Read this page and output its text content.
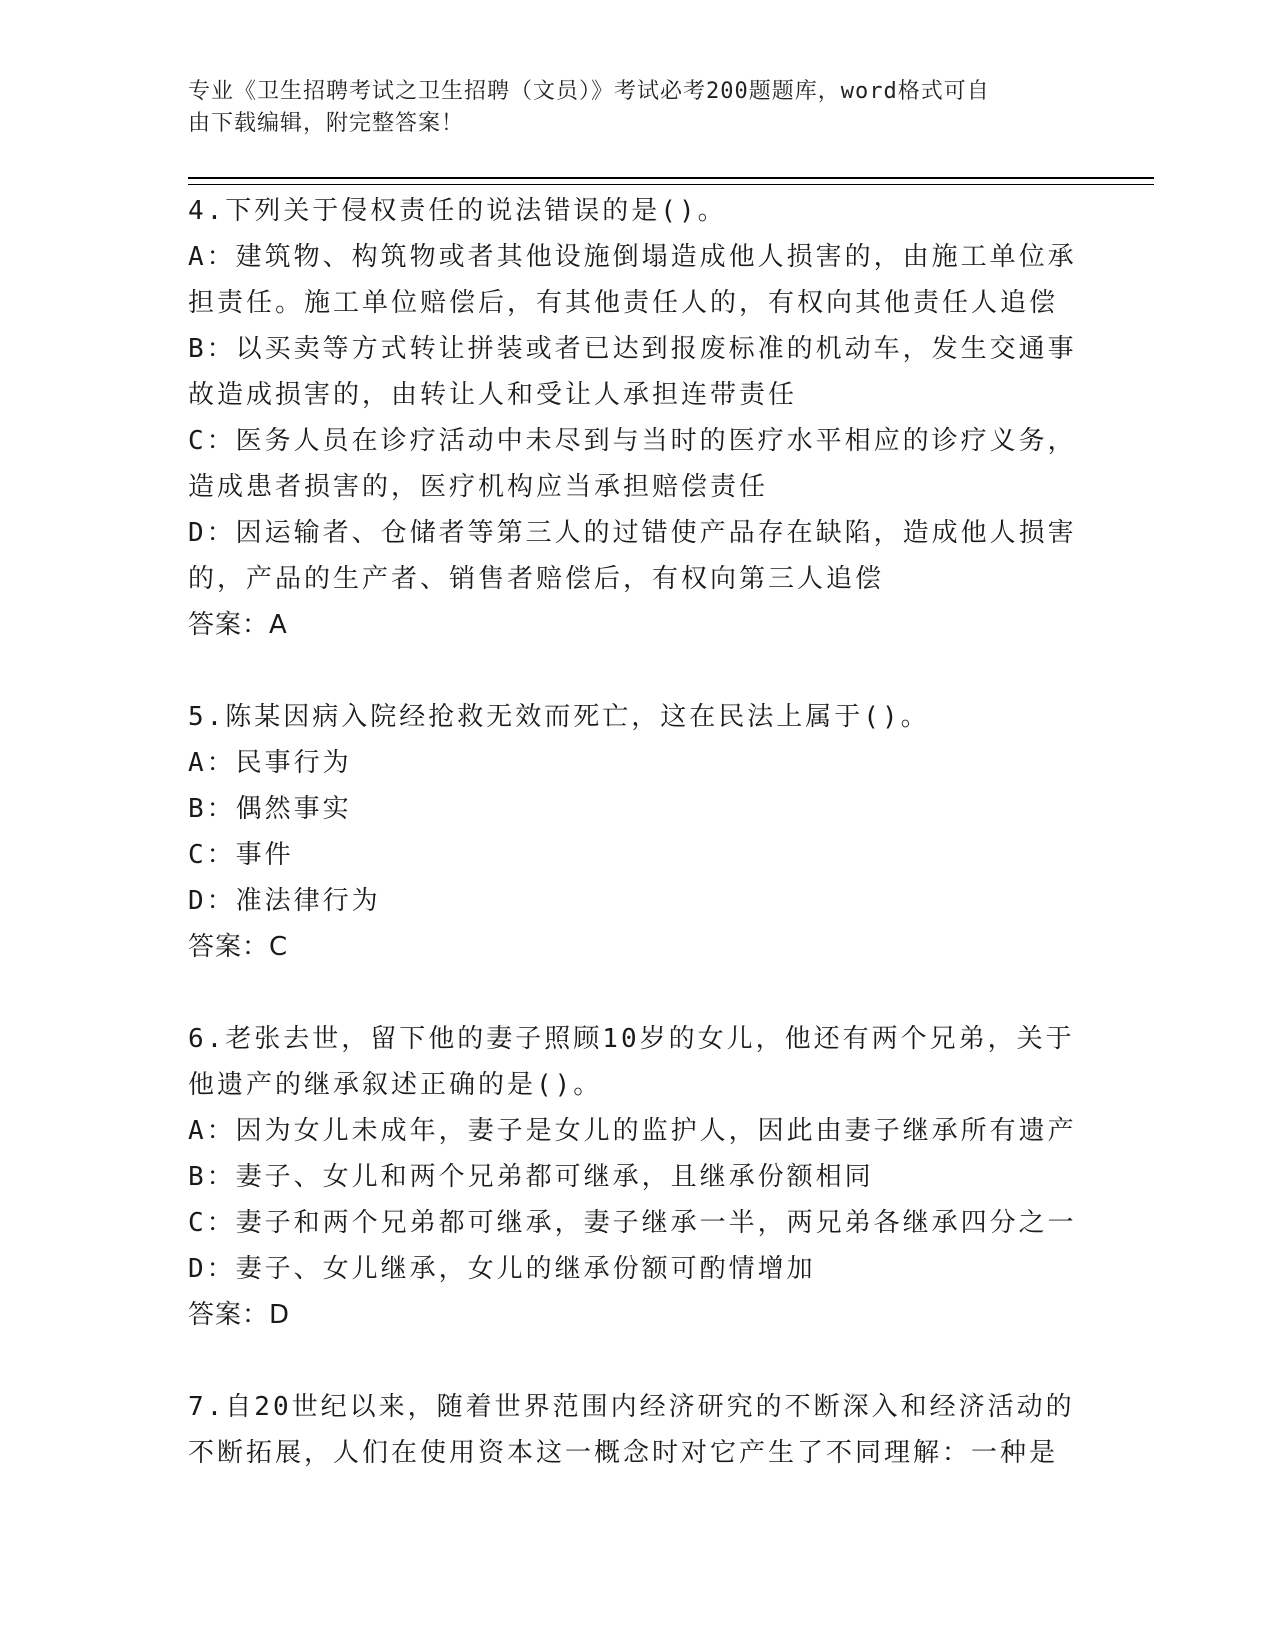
专业《卫生招聘考试之卫生招聘（文员）》考试必考200题题库，word格式可自
由下载编辑，附完整答案！

4.下列关于侵权责任的说法错误的是()。

A：建筑物、构筑物或者其他设施倒塌造成他人损害的，由施工单位承担责任。施工单位赔偿后，有其他责任人的，有权向其他责任人追偿

B：以买卖等方式转让拼装或者已达到报废标准的机动车，发生交通事故造成损害的，由转让人和受让人承担连带责任

C：医务人员在诊疗活动中未尽到与当时的医疗水平相应的诊疗义务，造成患者损害的，医疗机构应当承担赔偿责任

D：因运输者、仓储者等第三人的过错使产品存在缺陷，造成他人损害的，产品的生产者、销售者赔偿后，有权向第三人追偿

答案：A

5.陈某因病入院经抢救无效而死亡，这在民法上属于()。

A：民事行为

B：偶然事实

C：事件

D：准法律行为

答案：C

6.老张去世，留下他的妻子照顾10岁的女儿，他还有两个兄弟，关于他遗产的继承叙述正确的是()。

A：因为女儿未成年，妻子是女儿的监护人，因此由妻子继承所有遗产

B：妻子、女儿和两个兄弟都可继承，且继承份额相同

C：妻子和两个兄弟都可继承，妻子继承一半，两兄弟各继承四分之一

D：妻子、女儿继承，女儿的继承份额可酌情增加

答案：D

7.自20世纪以来，随着世界范围内经济研究的不断深入和经济活动的不断拓展，人们在使用资本这一概念时对它产生了不同理解：一种是
